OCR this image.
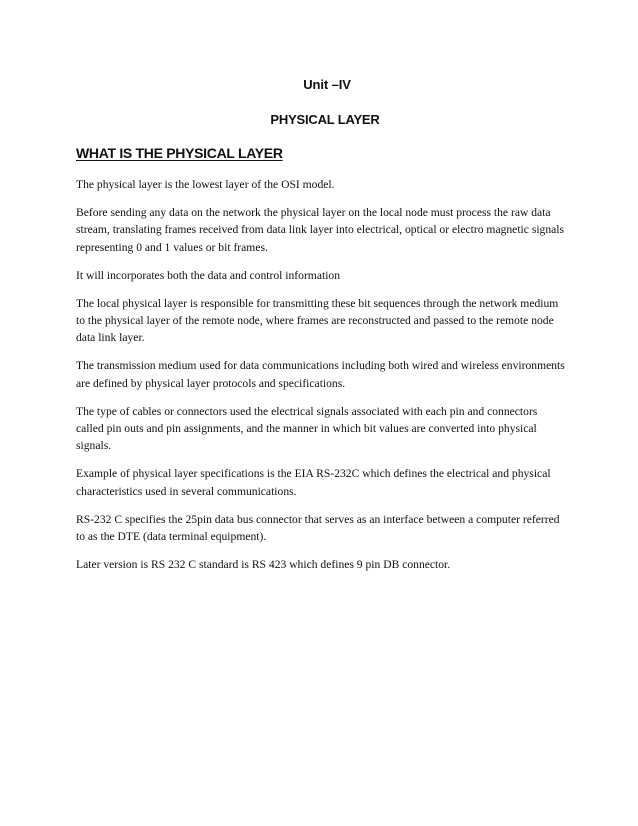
Unit –IV
PHYSICAL LAYER
WHAT IS THE PHYSICAL LAYER

The physical layer is the lowest layer of the OSI model.

Before sending any data on the network the physical layer on the local node must process the raw data stream, translating frames received from data link layer into electrical, optical or electro magnetic signals representing 0 and 1 values or bit frames.

It will incorporates both the data and control information

The local physical layer is responsible for transmitting these bit sequences through the network medium to the physical layer of the remote node, where frames are reconstructed and passed to the remote node data link layer.

The transmission medium used for data communications including both wired and wireless environments are defined by physical layer protocols and specifications.

The type of cables or connectors used the electrical signals associated with each pin and connectors called pin outs and pin assignments, and the manner in which bit values are converted into physical signals.

Example of physical layer specifications is the EIA RS-232C which defines the electrical and physical characteristics used in several communications.

RS-232 C specifies the 25pin data bus connector that serves as an interface between a computer referred to as the DTE (data terminal equipment).

Later version is RS 232 C standard is RS 423 which defines 9 pin DB connector.
